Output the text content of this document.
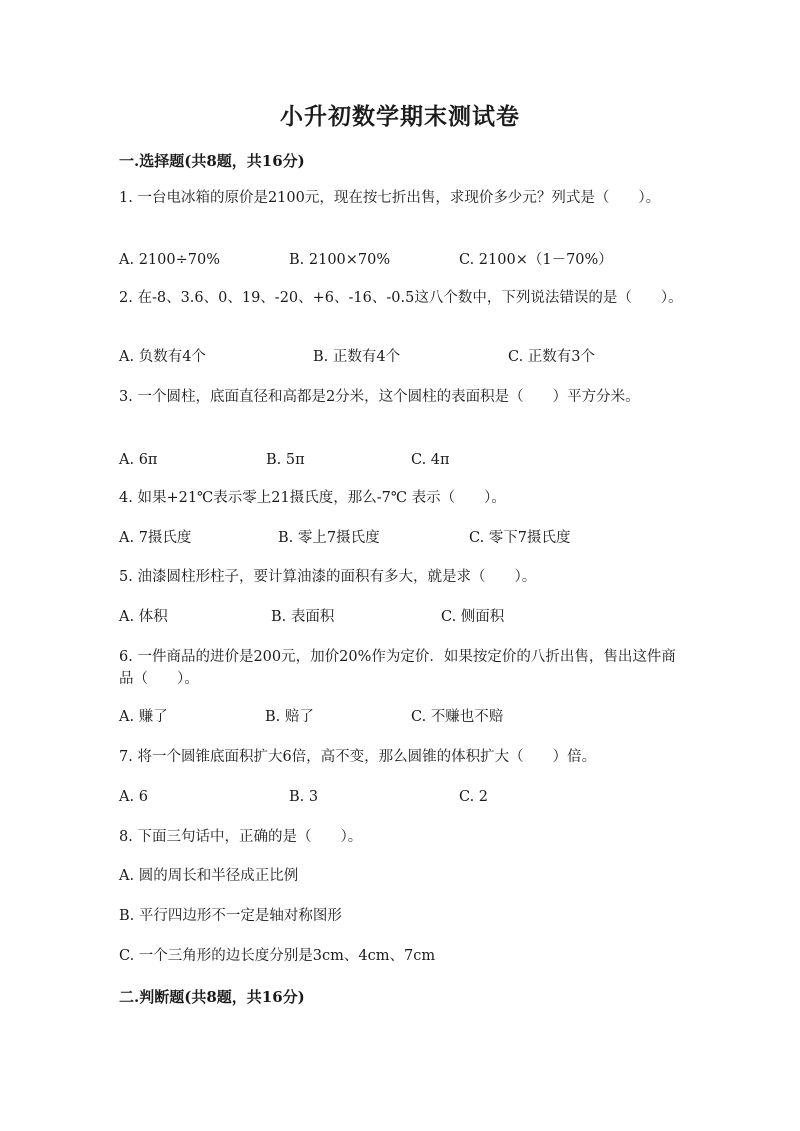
小升初数学期末测试卷
一.选择题(共8题，共16分)
1. 一台电冰箱的原价是2100元，现在按七折出售，求现价多少元？列式是（　　）。
A. 2100÷70%	B. 2100×70%	C. 2100×（1－70%）
2. 在-8、3.6、0、19、-20、+6、-16、-0.5这八个数中，下列说法错误的是（　　）。
A. 负数有4个	B. 正数有4个	C. 正数有3个
3. 一个圆柱，底面直径和高都是2分米，这个圆柱的表面积是（　　）平方分米。
A. 6π	B. 5π	C. 4π
4. 如果+21℃表示零上21摄氏度，那么-7℃ 表示（　　）。
A. 7摄氏度	B. 零上7摄氏度	C. 零下7摄氏度
5. 油漆圆柱形柱子，要计算油漆的面积有多大，就是求（　　）。
A. 体积	B. 表面积	C. 侧面积
6. 一件商品的进价是200元，加价20%作为定价．如果按定价的八折出售，售出这件商品（　　）。
A. 赚了	B. 赔了	C. 不赚也不赔
7. 将一个圆锥底面积扩大6倍，高不变，那么圆锥的体积扩大（　　）倍。
A. 6	B. 3	C. 2
8. 下面三句话中，正确的是（　　）。
A. 圆的周长和半径成正比例
B. 平行四边形不一定是轴对称图形
C. 一个三角形的边长度分别是3cm、4cm、7cm
二.判断题(共8题，共16分)
